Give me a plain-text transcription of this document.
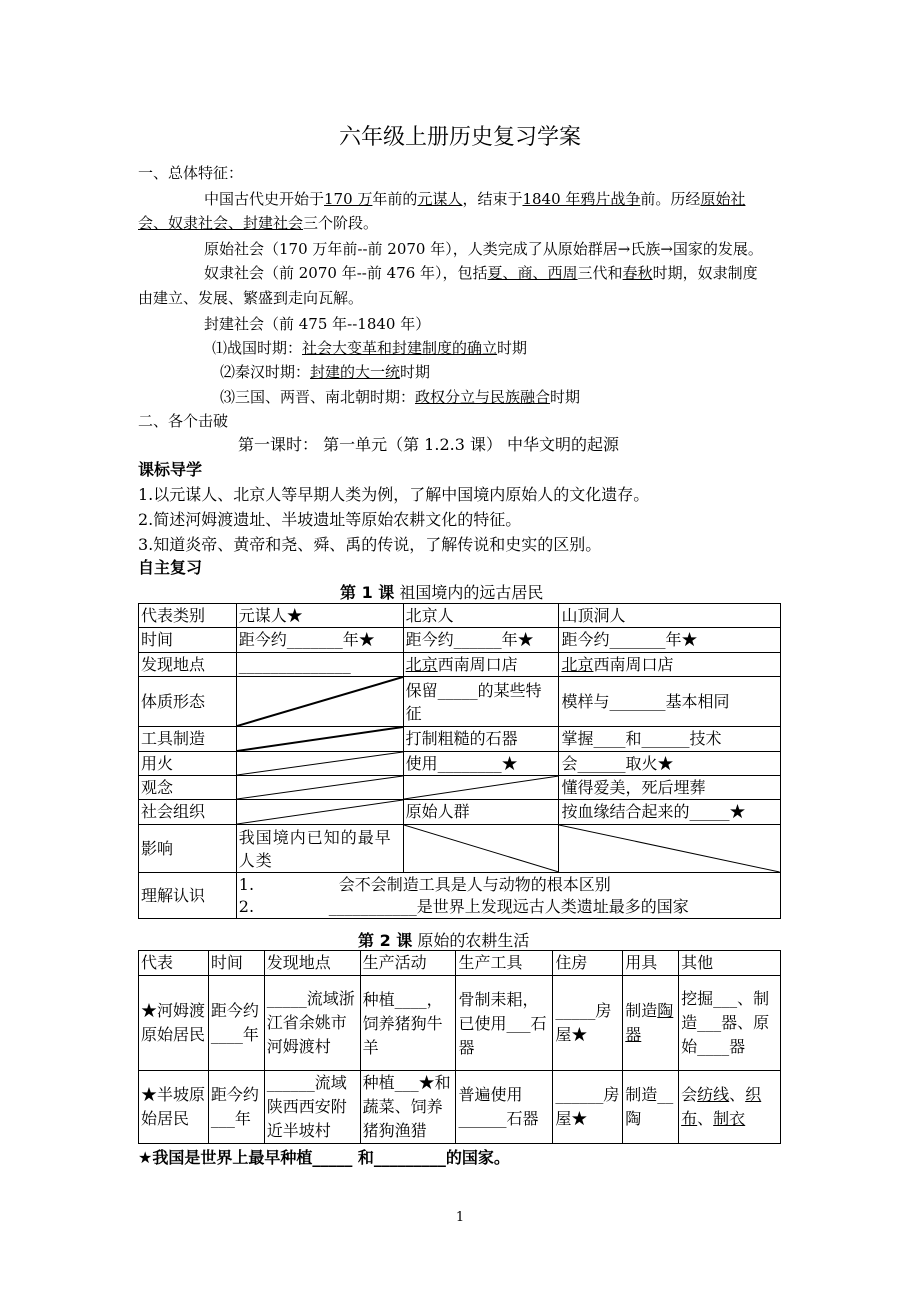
六年级上册历史复习学案
一、总体特征：
中国古代史开始于170 万年前的元谋人，结束于1840 年鸦片战争前。历经原始社
会、奴隶社会、封建社会三个阶段。
原始社会（170 万年前--前 2070 年），人类完成了从原始群居→氏族→国家的发展。
奴隶社会（前 2070 年--前 476 年），包括夏、商、西周三代和春秋时期，奴隶制度
由建立、发展、繁盛到走向瓦解。
封建社会（前 475 年--1840 年）
⑴战国时期：社会大变革和封建制度的确立时期
⑵秦汉时期：封建的大一统时期
⑶三国、两晋、南北朝时期：政权分立与民族融合时期
二、各个击破
第一课时： 第一单元（第 1.2.3 课） 中华文明的起源
课标导学
1.以元谋人、北京人等早期人类为例，了解中国境内原始人的文化遗存。
2.简述河姆渡遗址、半坡遗址等原始农耕文化的特征。
3.知道炎帝、黄帝和尧、舜、禹的传说，了解传说和史实的区别。
自主复习
第 1 课 祖国境内的远古居民
代表类别	元谋人★	北京人	山顶洞人
时间	距今约_______年★	距今约______年★	距今约_______年★
发现地点	______________	北京西南周口店	北京西南周口店
体质形态		保留_____的某些特征	模样与_______基本相同
工具制造		打制粗糙的石器	掌握____和______技术
用火		使用________★	会______取火★
观念			懂得爱美，死后埋葬
社会组织		原始人群	按血缘结合起来的_____★
影响	我国境内已知的最早人类	

理解认识	1. 会不会制造工具是人与动物的根本区别
2. ___________是世界上发现远古人类遗址最多的国家		
第 2 课 原始的农耕生活
代表	时间	发现地点	生产活动	生产工具	住房	用具	其他
★河姆渡原始居民	距今约____年	_____流域浙江省余姚市河姆渡村	种植____，饲养猪狗牛羊	骨制耒耜，已使用___石器	_____房屋★	制造陶器	挖掘___、制造___器、原始____器
★半坡原始居民	距今约___年	______流域陕西西安附近半坡村	种植___★和蔬菜、饲养猪狗渔猎	普遍使用______石器	______房屋★	制造__陶	会纺线、织布、制衣
★我国是世界上最早种植_____ 和_________的国家。
1
